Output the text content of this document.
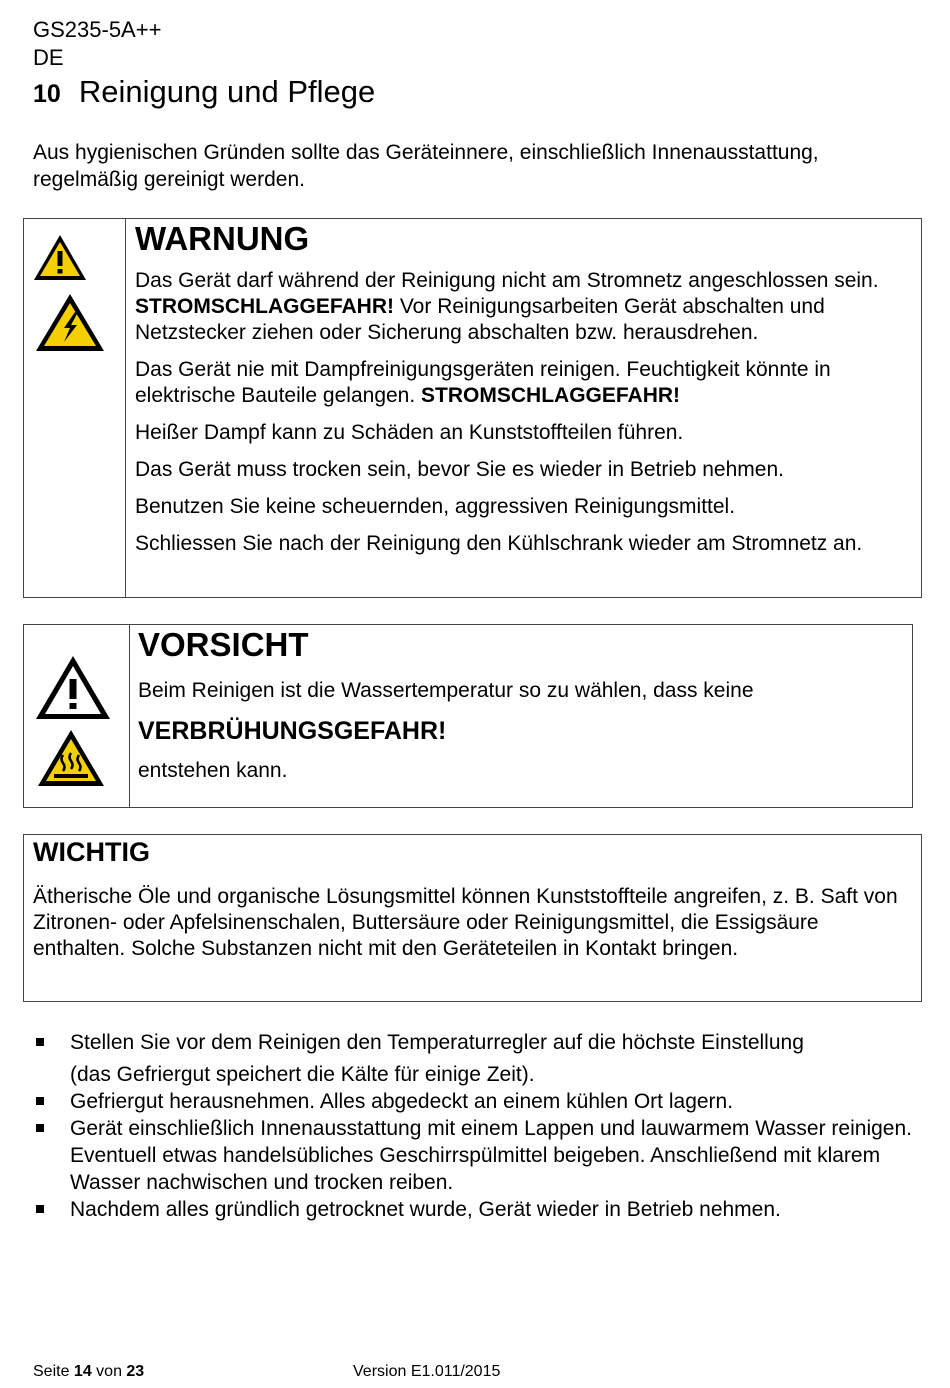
GS235-5A++
DE
10 Reinigung und Pflege
Aus hygienischen Gründen sollte das Geräteinnere, einschließlich Innenausstattung, regelmäßig gereinigt werden.

WARNUNG

Das Gerät darf während der Reinigung nicht am Stromnetz angeschlossen sein. STROMSCHLAGGEFAHR! Vor Reinigungsarbeiten Gerät abschalten und Netzstecker ziehen oder Sicherung abschalten bzw. herausdrehen.

Das Gerät nie mit Dampfreinigungsgeräten reinigen. Feuchtigkeit könnte in elektrische Bauteile gelangen. STROMSCHLAGGEFAHR!

Heißer Dampf kann zu Schäden an Kunststoffteilen führen.

Das Gerät muss trocken sein, bevor Sie es wieder in Betrieb nehmen.

Benutzen Sie keine scheuernden, aggressiven Reinigungsmittel.

Schliessen Sie nach der Reinigung den Kühlschrank wieder am Stromnetz an.

VORSICHT

Beim Reinigen ist die Wassertemperatur so zu wählen, dass keine

VERBRÜHUNGSGEFAHR!

entstehen kann.

WICHTIG

Ätherische Öle und organische Lösungsmittel können Kunststoffteile angreifen, z. B. Saft von Zitronen- oder Apfelsinenschalen, Buttersäure oder Reinigungsmittel, die Essigsäure enthalten. Solche Substanzen nicht mit den Geräteteilen in Kontakt bringen.

Stellen Sie vor dem Reinigen den Temperaturregler auf die höchste Einstellung
(das Gefriergut speichert die Kälte für einige Zeit).
Gefriergut herausnehmen. Alles abgedeckt an einem kühlen Ort lagern.
Gerät einschließlich Innenausstattung mit einem Lappen und lauwarmem Wasser reinigen. Eventuell etwas handelsübliches Geschirrspülmittel beigeben. Anschließend mit klarem Wasser nachwischen und trocken reiben.
Nachdem alles gründlich getrocknet wurde, Gerät wieder in Betrieb nehmen.
Seite 14 von 23	Version E1.011/2015
